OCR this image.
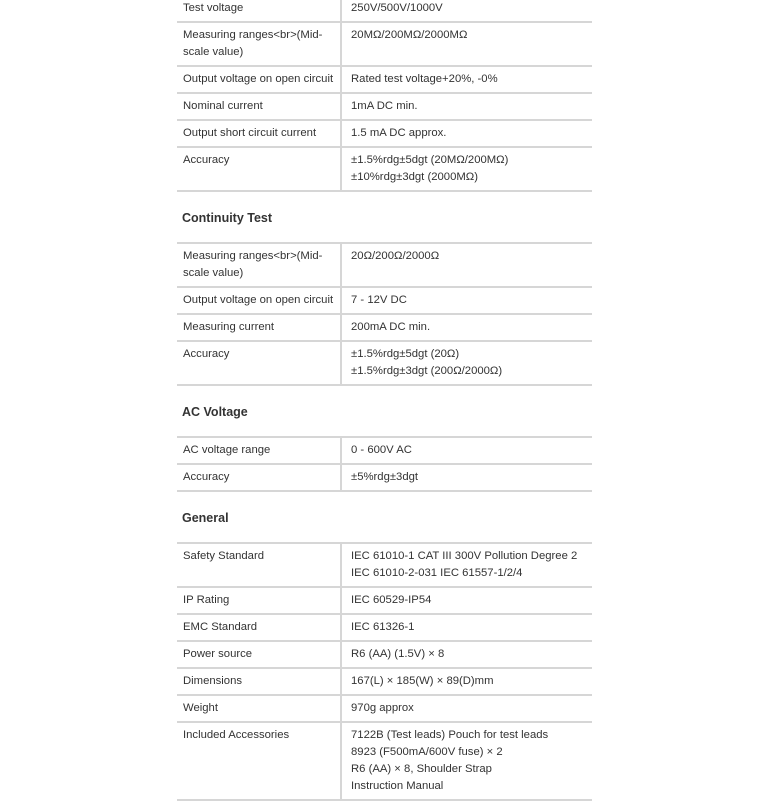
Test voltage	250V/500V/1000V

Measuring ranges<br>(Mid-scale value)	20MΩ/200MΩ/2000MΩ

Output voltage on open circuit	Rated test voltage+20%, -0%

Nominal current	1mA DC min.

Output short circuit current	1.5 mA DC approx.

Accuracy	±1.5%rdg±5dgt (20MΩ/200MΩ)
±10%rdg±3dgt (2000MΩ)
Continuity Test
Measuring ranges<br>(Mid-scale value)	20Ω/200Ω/2000Ω

Output voltage on open circuit	7 - 12V DC

Measuring current	200mA DC min.

Accuracy	±1.5%rdg±5dgt (20Ω)
±1.5%rdg±3dgt (200Ω/2000Ω)
AC Voltage
AC voltage range	0 - 600V AC

Accuracy	±5%rdg±3dgt
General
Safety Standard	IEC 61010-1 CAT III 300V Pollution Degree 2
IEC 61010-2-031 IEC 61557-1/2/4

IP Rating	IEC 60529-IP54

EMC Standard	IEC 61326-1

Power source	R6 (AA) (1.5V) × 8

Dimensions	167(L) × 185(W) × 89(D)mm

Weight	970g approx

Included Accessories	7122B (Test leads) Pouch for test leads
8923 (F500mA/600V fuse) × 2
R6 (AA) × 8, Shoulder Strap
Instruction Manual
